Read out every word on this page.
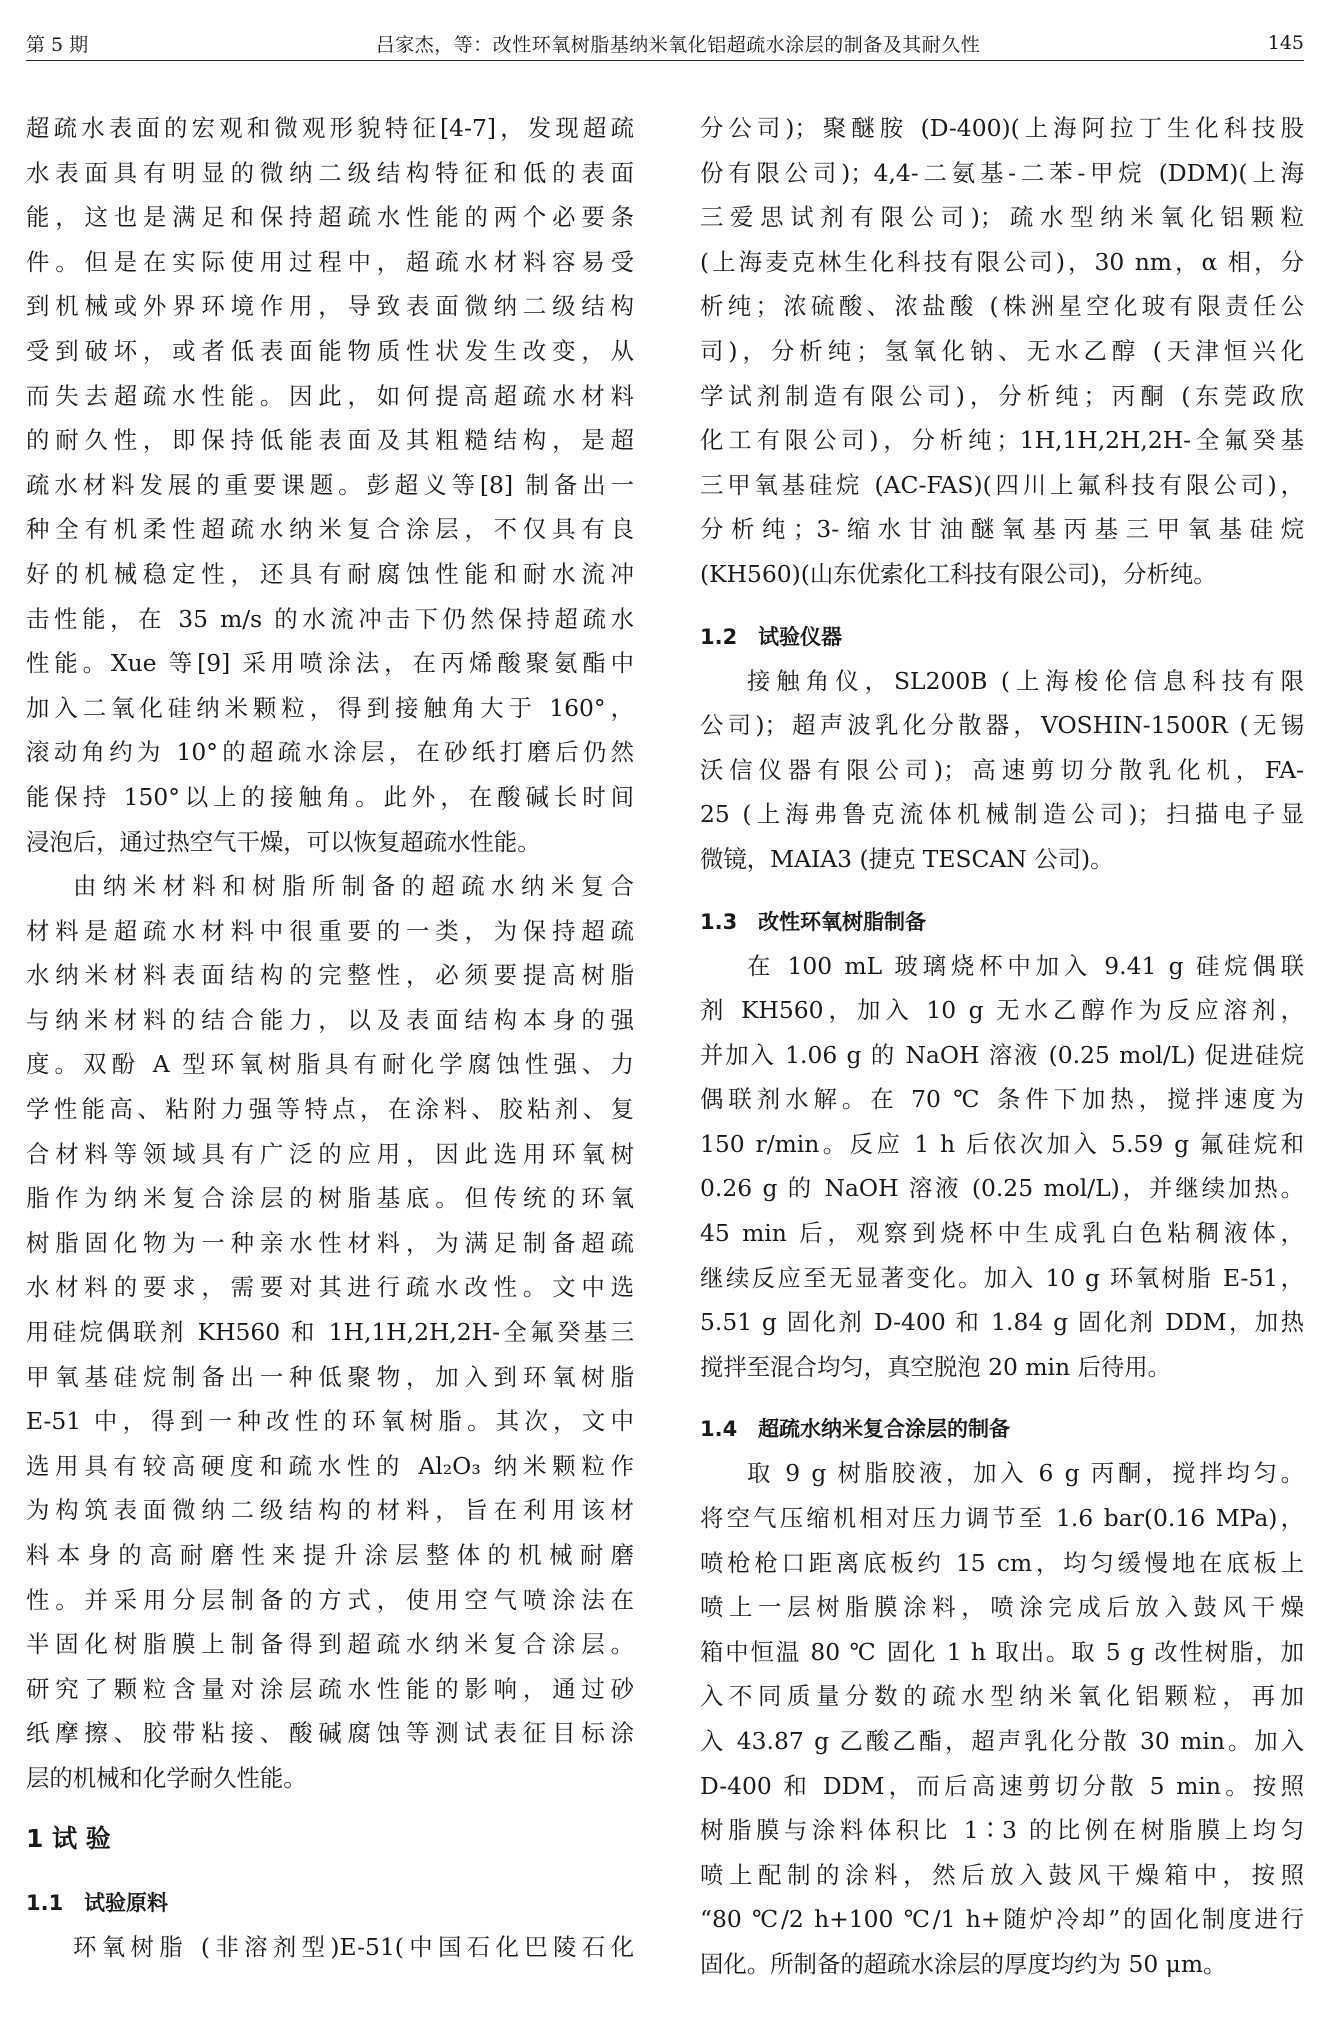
第 5 期	吕家杰，等：改性环氧树脂基纳米氧化铝超疏水涂层的制备及其耐久性	145
超疏水表面的宏观和微观形貌特征[4-7]，发现超疏
水表面具有明显的微纳二级结构特征和低的表面
能，这也是满足和保持超疏水性能的两个必要条
件。但是在实际使用过程中，超疏水材料容易受
到机械或外界环境作用，导致表面微纳二级结构
受到破坏，或者低表面能物质性状发生改变，从
而失去超疏水性能。因此，如何提高超疏水材料
的耐久性，即保持低能表面及其粗糙结构，是超
疏水材料发展的重要课题。彭超义等[8] 制备出一
种全有机柔性超疏水纳米复合涂层，不仅具有良
好的机械稳定性，还具有耐腐蚀性能和耐水流冲
击性能，在 35 m/s 的水流冲击下仍然保持超疏水
性能。Xue 等[9] 采用喷涂法，在丙烯酸聚氨酯中
加入二氧化硅纳米颗粒，得到接触角大于 160°，
滚动角约为 10°的超疏水涂层，在砂纸打磨后仍然
能保持 150°以上的接触角。此外，在酸碱长时间
浸泡后，通过热空气干燥，可以恢复超疏水性能。
由纳米材料和树脂所制备的超疏水纳米复合
材料是超疏水材料中很重要的一类，为保持超疏
水纳米材料表面结构的完整性，必须要提高树脂
与纳米材料的结合能力，以及表面结构本身的强
度。双酚 A 型环氧树脂具有耐化学腐蚀性强、力
学性能高、粘附力强等特点，在涂料、胶粘剂、复
合材料等领域具有广泛的应用，因此选用环氧树
脂作为纳米复合涂层的树脂基底。但传统的环氧
树脂固化物为一种亲水性材料，为满足制备超疏
水材料的要求，需要对其进行疏水改性。文中选
用硅烷偶联剂 KH560 和 1H,1H,2H,2H-全氟癸基三
甲氧基硅烷制备出一种低聚物，加入到环氧树脂
E-51 中，得到一种改性的环氧树脂。其次，文中
选用具有较高硬度和疏水性的 Al₂O₃ 纳米颗粒作
为构筑表面微纳二级结构的材料，旨在利用该材
料本身的高耐磨性来提升涂层整体的机械耐磨
性。并采用分层制备的方式，使用空气喷涂法在
半固化树脂膜上制备得到超疏水纳米复合涂层。
研究了颗粒含量对涂层疏水性能的影响，通过砂
纸摩擦、胶带粘接、酸碱腐蚀等测试表征目标涂
层的机械和化学耐久性能。
1 试 验
1.1 试验原料
环氧树脂 (非溶剂型)E-51(中国石化巴陵石化
分公司)；聚醚胺 (D-400)(上海阿拉丁生化科技股
份有限公司)；4,4-二氨基-二苯-甲烷 (DDM)(上海
三爱思试剂有限公司)；疏水型纳米氧化铝颗粒
(上海麦克林生化科技有限公司)，30 nm，α 相，分
析纯；浓硫酸、浓盐酸 (株洲星空化玻有限责任公
司)，分析纯；氢氧化钠、无水乙醇 (天津恒兴化
学试剂制造有限公司)，分析纯；丙酮 (东莞政欣
化工有限公司)，分析纯；1H,1H,2H,2H-全氟癸基
三甲氧基硅烷 (AC-FAS)(四川上氟科技有限公司)，
分析纯；3-缩水甘油醚氧基丙基三甲氧基硅烷
(KH560)(山东优索化工科技有限公司)，分析纯。
1.2 试验仪器
接触角仪，SL200B (上海梭伦信息科技有限
公司)；超声波乳化分散器，VOSHIN-1500R (无锡
沃信仪器有限公司)；高速剪切分散乳化机，FA-
25 (上海弗鲁克流体机械制造公司)；扫描电子显
微镜，MAIA3 (捷克 TESCAN 公司)。
1.3 改性环氧树脂制备
在 100 mL 玻璃烧杯中加入 9.41 g 硅烷偶联
剂 KH560，加入 10 g 无水乙醇作为反应溶剂，
并加入 1.06 g 的 NaOH 溶液 (0.25 mol/L) 促进硅烷
偶联剂水解。在 70 ℃ 条件下加热，搅拌速度为
150 r/min。反应 1 h 后依次加入 5.59 g 氟硅烷和
0.26 g 的 NaOH 溶液 (0.25 mol/L)，并继续加热。
45 min 后，观察到烧杯中生成乳白色粘稠液体，
继续反应至无显著变化。加入 10 g 环氧树脂 E-51，
5.51 g 固化剂 D-400 和 1.84 g 固化剂 DDM，加热
搅拌至混合均匀，真空脱泡 20 min 后待用。
1.4 超疏水纳米复合涂层的制备
取 9 g 树脂胶液，加入 6 g 丙酮，搅拌均匀。
将空气压缩机相对压力调节至 1.6 bar(0.16 MPa)，
喷枪枪口距离底板约 15 cm，均匀缓慢地在底板上
喷上一层树脂膜涂料，喷涂完成后放入鼓风干燥
箱中恒温 80 ℃ 固化 1 h 取出。取 5 g 改性树脂，加
入不同质量分数的疏水型纳米氧化铝颗粒，再加
入 43.87 g 乙酸乙酯，超声乳化分散 30 min。加入
D-400 和 DDM，而后高速剪切分散 5 min。按照
树脂膜与涂料体积比 1∶3 的比例在树脂膜上均匀
喷上配制的涂料，然后放入鼓风干燥箱中，按照
“80 ℃/2 h+100 ℃/1 h+随炉冷却”的固化制度进行
固化。所制备的超疏水涂层的厚度均约为 50 μm。
